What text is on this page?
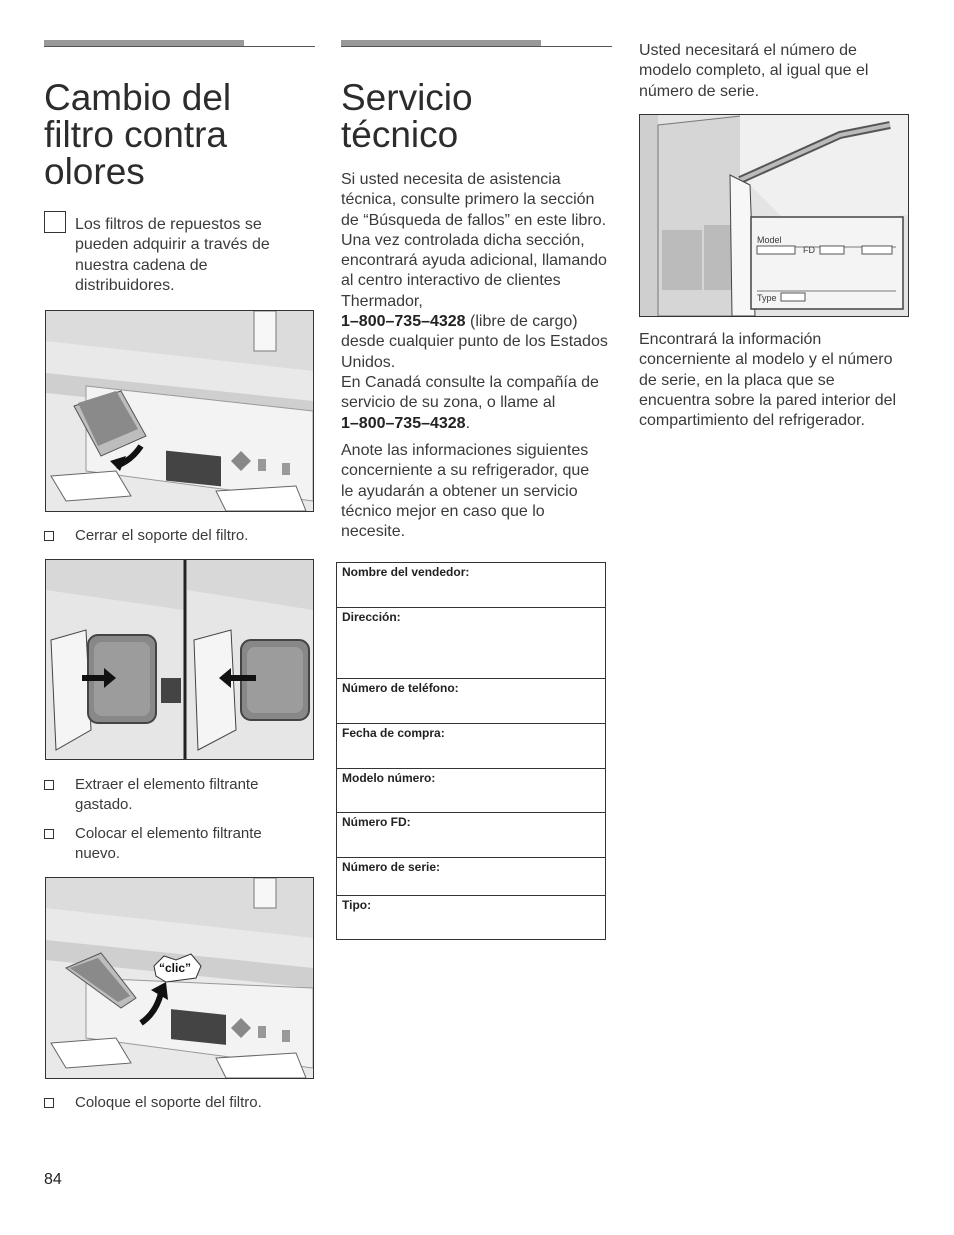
Cambio del
filtro contra
olores

Los filtros de repuestos se pueden adquirir a través de nuestra cadena de distribuidores.

Cerrar el soporte del filtro.
Extraer el elemento filtrante gastado.
Colocar el elemento filtrante nuevo.
“clic”
Coloque el soporte del filtro.
Servicio
técnico

Si usted necesita de asistencia técnica, consulte primero la sección de “Búsqueda de fallos” en este libro. Una vez controlada dicha sección, encontrará ayuda adicional, llamando al centro interactivo de clientes Thermador,
1–800–735–4328 (libre de cargo) desde cualquier punto de los Estados Unidos.
En Canadá consulte la compañía de servicio de su zona, o llame al
1–800–735–4328.

Anote las informaciones siguientes concerniente a su refrigerador, que le ayudarán a obtener un servicio técnico mejor en caso que lo necesite.

Nombre del vendedor:
Dirección:
Número de teléfono:
Fecha de compra:
Modelo número:
Número FD:
Número de serie:
Tipo:

Usted necesitará el número de modelo completo, al igual que el número de serie.

Model
FD
Type

Encontrará la información concerniente al modelo y el número de serie, en la placa que se encuentra sobre la pared interior del compartimiento del refrigerador.

84
